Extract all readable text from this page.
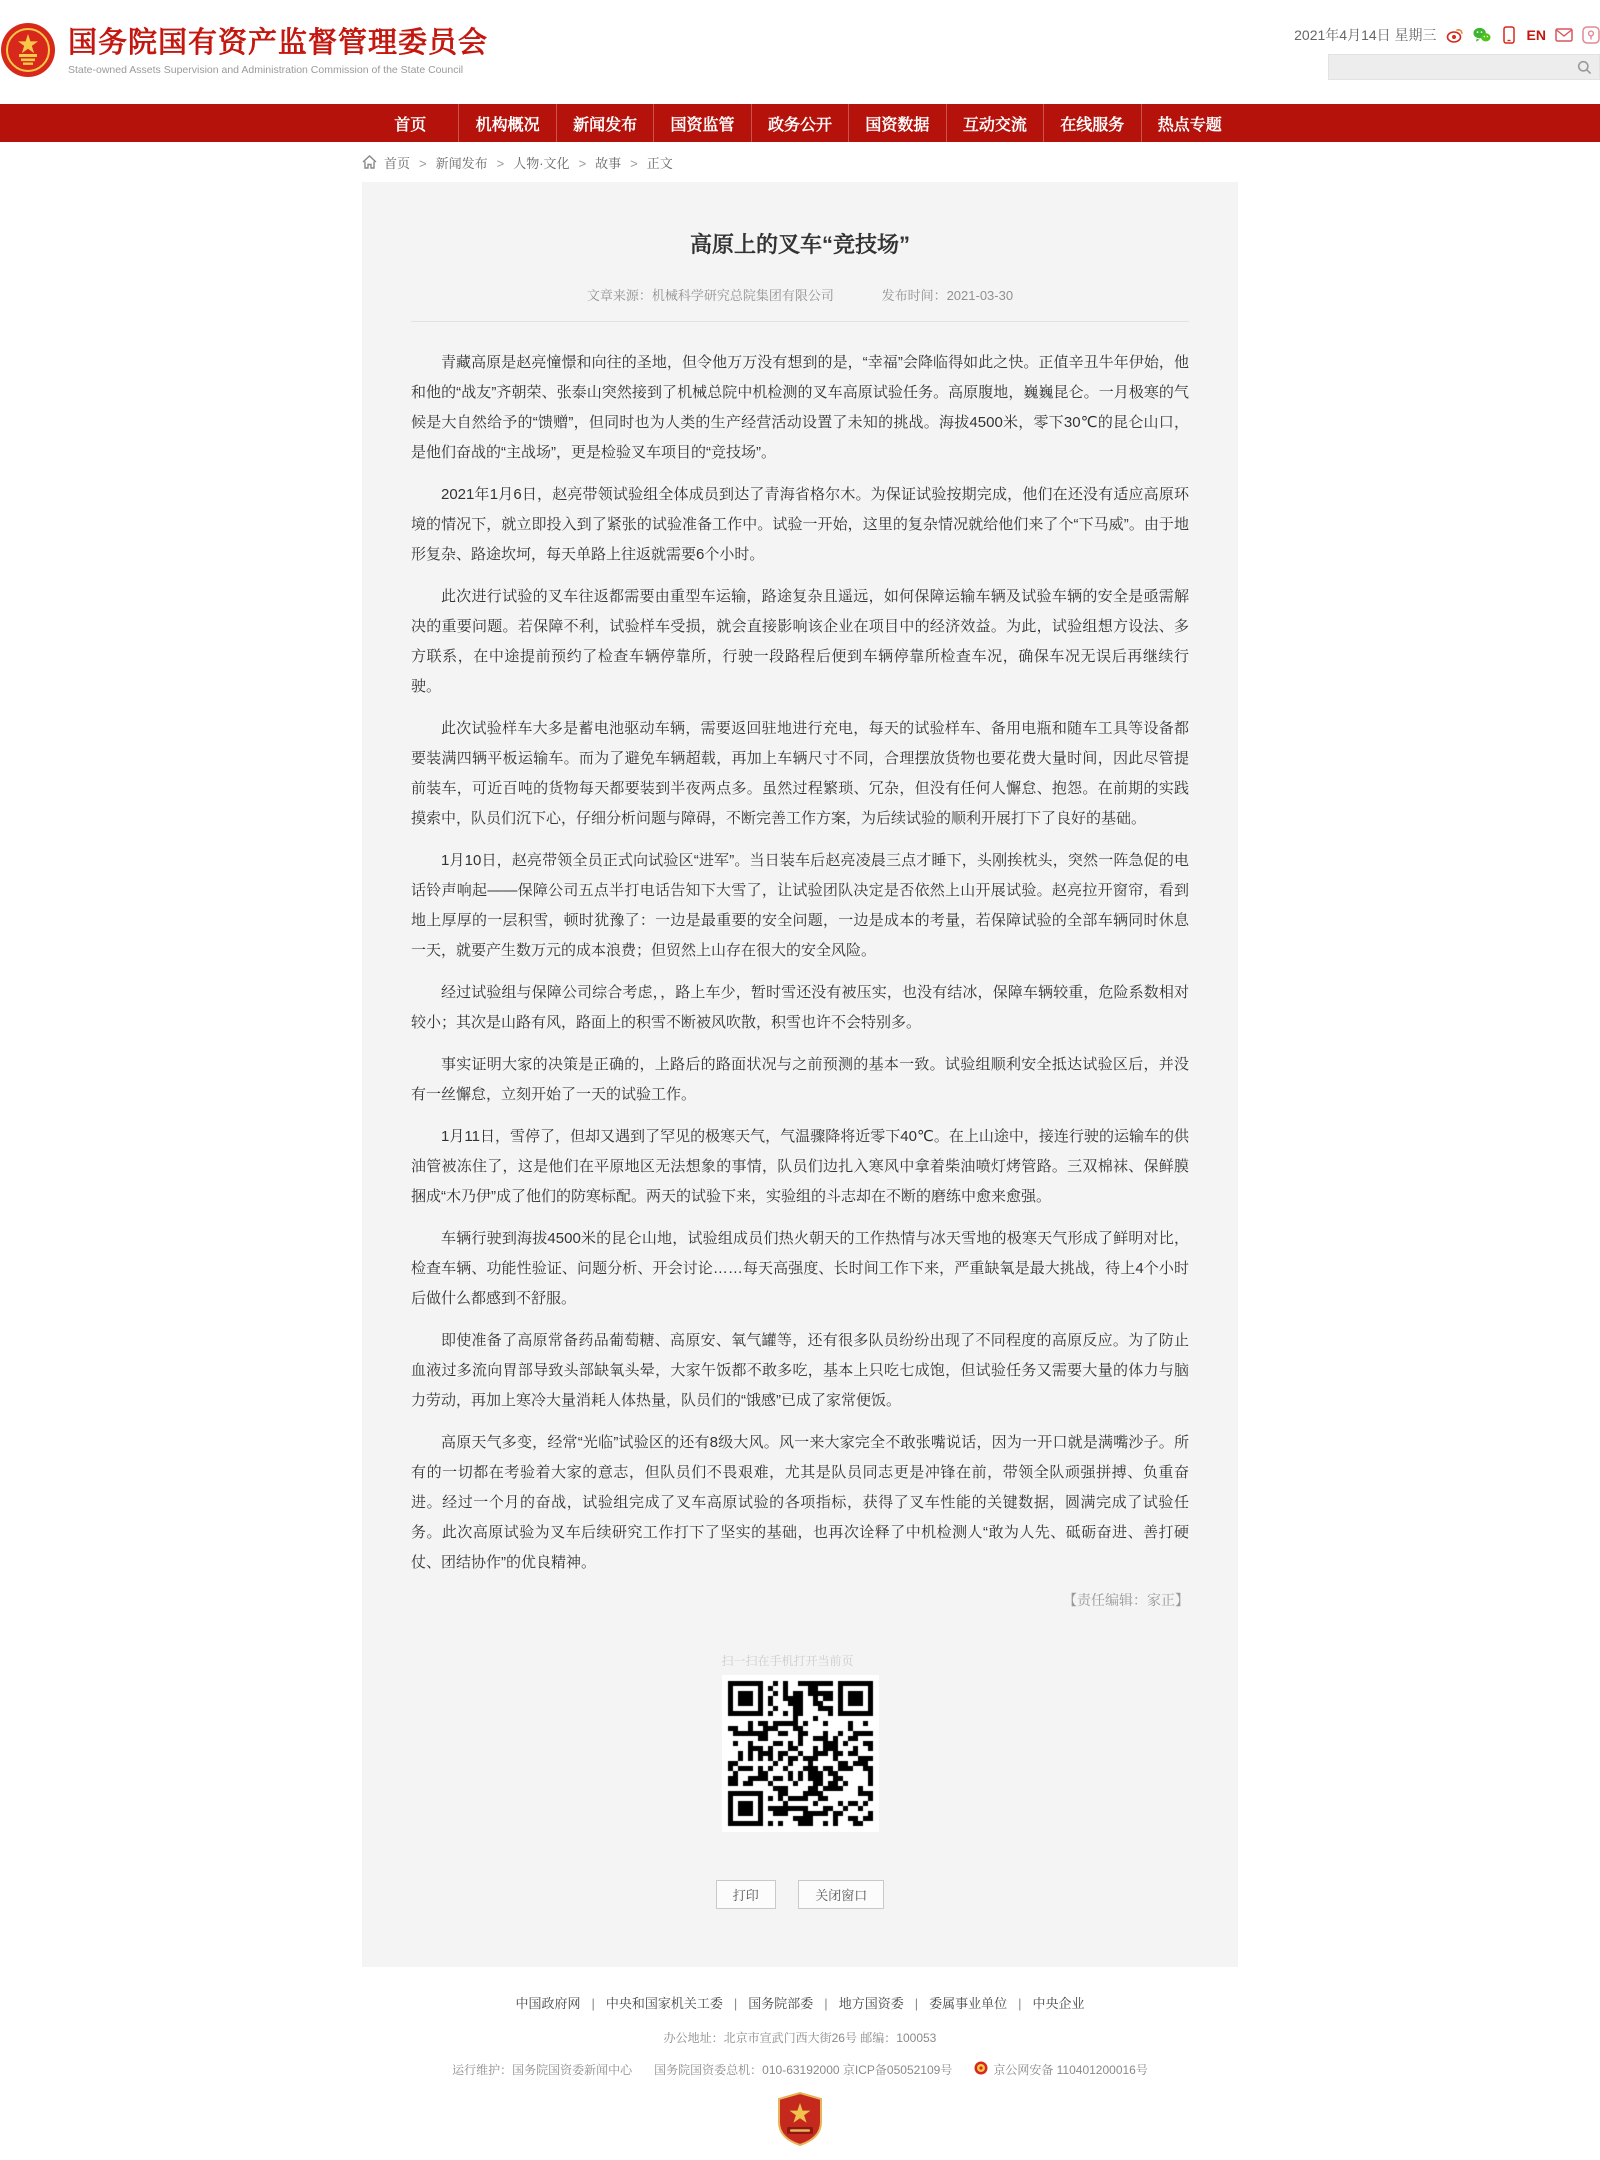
国务院国有资产监督管理委员会
State-owned Assets Supervision and Administration Commission of the State Council
2021年4月14日 星期三	EN
首页	机构概况	新闻发布	国资监管	政务公开	国资数据	互动交流	在线服务	热点专题
首页	> 新闻发布	> 人物·文化	> 故事	> 正文
高原上的叉车“竞技场”
文章来源：机械科学研究总院集团有限公司	发布时间：2021-03-30

青藏高原是赵亮憧憬和向往的圣地，但令他万万没有想到的是，“幸福”会降临得如此之快。正值辛丑牛年伊始，他和他的“战友”齐朝荣、张泰山突然接到了机械总院中机检测的叉车高原试验任务。高原腹地，巍巍昆仑。一月极寒的气候是大自然给予的“馈赠”，但同时也为人类的生产经营活动设置了未知的挑战。海拔4500米，零下30℃的昆仑山口，是他们奋战的“主战场”，更是检验叉车项目的“竞技场”。

2021年1月6日，赵亮带领试验组全体成员到达了青海省格尔木。为保证试验按期完成，他们在还没有适应高原环境的情况下，就立即投入到了紧张的试验准备工作中。试验一开始，这里的复杂情况就给他们来了个“下马威”。由于地形复杂、路途坎坷，每天单路上往返就需要6个小时。

此次进行试验的叉车往返都需要由重型车运输，路途复杂且遥远，如何保障运输车辆及试验车辆的安全是亟需解决的重要问题。若保障不利，试验样车受损，就会直接影响该企业在项目中的经济效益。为此，试验组想方设法、多方联系，在中途提前预约了检查车辆停靠所，行驶一段路程后便到车辆停靠所检查车况，确保车况无误后再继续行驶。

此次试验样车大多是蓄电池驱动车辆，需要返回驻地进行充电，每天的试验样车、备用电瓶和随车工具等设备都要装满四辆平板运输车。而为了避免车辆超载，再加上车辆尺寸不同，合理摆放货物也要花费大量时间，因此尽管提前装车，可近百吨的货物每天都要装到半夜两点多。虽然过程繁琐、冗杂，但没有任何人懈怠、抱怨。在前期的实践摸索中，队员们沉下心，仔细分析问题与障碍，不断完善工作方案，为后续试验的顺利开展打下了良好的基础。

1月10日，赵亮带领全员正式向试验区“进军”。当日装车后赵亮凌晨三点才睡下，头刚挨枕头，突然一阵急促的电话铃声响起——保障公司五点半打电话告知下大雪了，让试验团队决定是否依然上山开展试验。赵亮拉开窗帘，看到地上厚厚的一层积雪，顿时犹豫了：一边是最重要的安全问题，一边是成本的考量，若保障试验的全部车辆同时休息一天，就要产生数万元的成本浪费；但贸然上山存在很大的安全风险。

经过试验组与保障公司综合考虑，，路上车少，暂时雪还没有被压实，也没有结冰，保障车辆较重，危险系数相对较小；其次是山路有风，路面上的积雪不断被风吹散，积雪也许不会特别多。

事实证明大家的决策是正确的，上路后的路面状况与之前预测的基本一致。试验组顺利安全抵达试验区后，并没有一丝懈怠，立刻开始了一天的试验工作。

1月11日，雪停了，但却又遇到了罕见的极寒天气，气温骤降将近零下40℃。在上山途中，接连行驶的运输车的供油管被冻住了，这是他们在平原地区无法想象的事情，队员们边扎入寒风中拿着柴油喷灯烤管路。三双棉袜、保鲜膜捆成“木乃伊”成了他们的防寒标配。两天的试验下来，实验组的斗志却在不断的磨练中愈来愈强。

车辆行驶到海拔4500米的昆仑山地，试验组成员们热火朝天的工作热情与冰天雪地的极寒天气形成了鲜明对比，检查车辆、功能性验证、问题分析、开会讨论……每天高强度、长时间工作下来，严重缺氧是最大挑战，待上4个小时后做什么都感到不舒服。

即使准备了高原常备药品葡萄糖、高原安、氧气罐等，还有很多队员纷纷出现了不同程度的高原反应。为了防止血液过多流向胃部导致头部缺氧头晕，大家午饭都不敢多吃，基本上只吃七成饱，但试验任务又需要大量的体力与脑力劳动，再加上寒冷大量消耗人体热量，队员们的“饿感”已成了家常便饭。

高原天气多变，经常“光临”试验区的还有8级大风。风一来大家完全不敢张嘴说话，因为一开口就是满嘴沙子。所有的一切都在考验着大家的意志，但队员们不畏艰难，尤其是队员同志更是冲锋在前，带领全队顽强拼搏、负重奋进。经过一个月的奋战，试验组完成了叉车高原试验的各项指标，获得了叉车性能的关键数据，圆满完成了试验任务。此次高原试验为叉车后续研究工作打下了坚实的基础，也再次诠释了中机检测人“敢为人先、砥砺奋进、善打硬仗、团结协作”的优良精神。

【责任编辑：家正】
扫一扫在手机打开当前页
打印	关闭窗口
中国政府网 | 中央和国家机关工委 | 国务院部委 | 地方国资委 | 委属事业单位 | 中央企业
办公地址：北京市宣武门西大街26号 邮编：100053
运行维护：国务院国资委新闻中心 国务院国资委总机：010-63192000 京ICP备05052109号	京公网安备 110401200016号
